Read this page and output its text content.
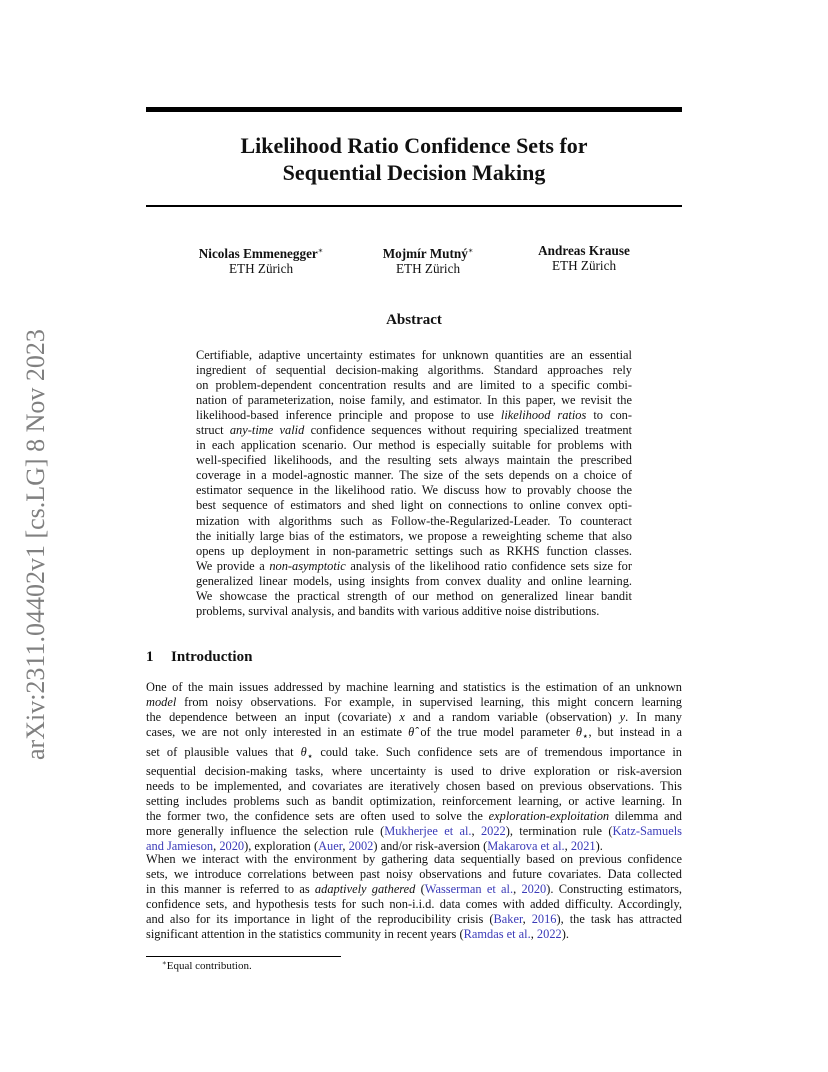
arXiv:2311.04402v1 [cs.LG] 8 Nov 2023
Likelihood Ratio Confidence Sets for
Sequential Decision Making
Nicolas Emmenegger∗
ETH Zürich
Mojmír Mutný∗
ETH Zürich
Andreas Krause
ETH Zürich
Abstract
Certifiable, adaptive uncertainty estimates for unknown quantities are an essential
ingredient of sequential decision-making algorithms. Standard approaches rely
on problem-dependent concentration results and are limited to a specific combi-
nation of parameterization, noise family, and estimator. In this paper, we revisit the
likelihood-based inference principle and propose to use likelihood ratios to con-
struct any-time valid confidence sequences without requiring specialized treatment
in each application scenario. Our method is especially suitable for problems with
well-specified likelihoods, and the resulting sets always maintain the prescribed
coverage in a model-agnostic manner. The size of the sets depends on a choice of
estimator sequence in the likelihood ratio. We discuss how to provably choose the
best sequence of estimators and shed light on connections to online convex opti-
mization with algorithms such as Follow-the-Regularized-Leader. To counteract
the initially large bias of the estimators, we propose a reweighting scheme that also
opens up deployment in non-parametric settings such as RKHS function classes.
We provide a non-asymptotic analysis of the likelihood ratio confidence sets size for
generalized linear models, using insights from convex duality and online learning.
We showcase the practical strength of our method on generalized linear bandit
problems, survival analysis, and bandits with various additive noise distributions.
1 Introduction
One of the main issues addressed by machine learning and statistics is the estimation of an unknown
model from noisy observations. For example, in supervised learning, this might concern learning
the dependence between an input (covariate) x and a random variable (observation) y. In many
cases, we are not only interested in an estimate θ̂ of the true model parameter $\theta_⋆$, but instead in a
set of plausible values that $\theta_⋆$ could take. Such confidence sets are of tremendous importance in
sequential decision-making tasks, where uncertainty is used to drive exploration or risk-aversion
needs to be implemented, and covariates are iteratively chosen based on previous observations. This
setting includes problems such as bandit optimization, reinforcement learning, or active learning. In
the former two, the confidence sets are often used to solve the exploration-exploitation dilemma and
more generally influence the selection rule (Mukherjee et al., 2022), termination rule (Katz-Samuels
and Jamieson, 2020), exploration (Auer, 2002) and/or risk-aversion (Makarova et al., 2021).
When we interact with the environment by gathering data sequentially based on previous confidence
sets, we introduce correlations between past noisy observations and future covariates. Data collected
in this manner is referred to as adaptively gathered (Wasserman et al., 2020). Constructing estimators,
confidence sets, and hypothesis tests for such non-i.i.d. data comes with added difficulty. Accordingly,
and also for its importance in light of the reproducibility crisis (Baker, 2016), the task has attracted
significant attention in the statistics community in recent years (Ramdas et al., 2022).
∗Equal contribution.
